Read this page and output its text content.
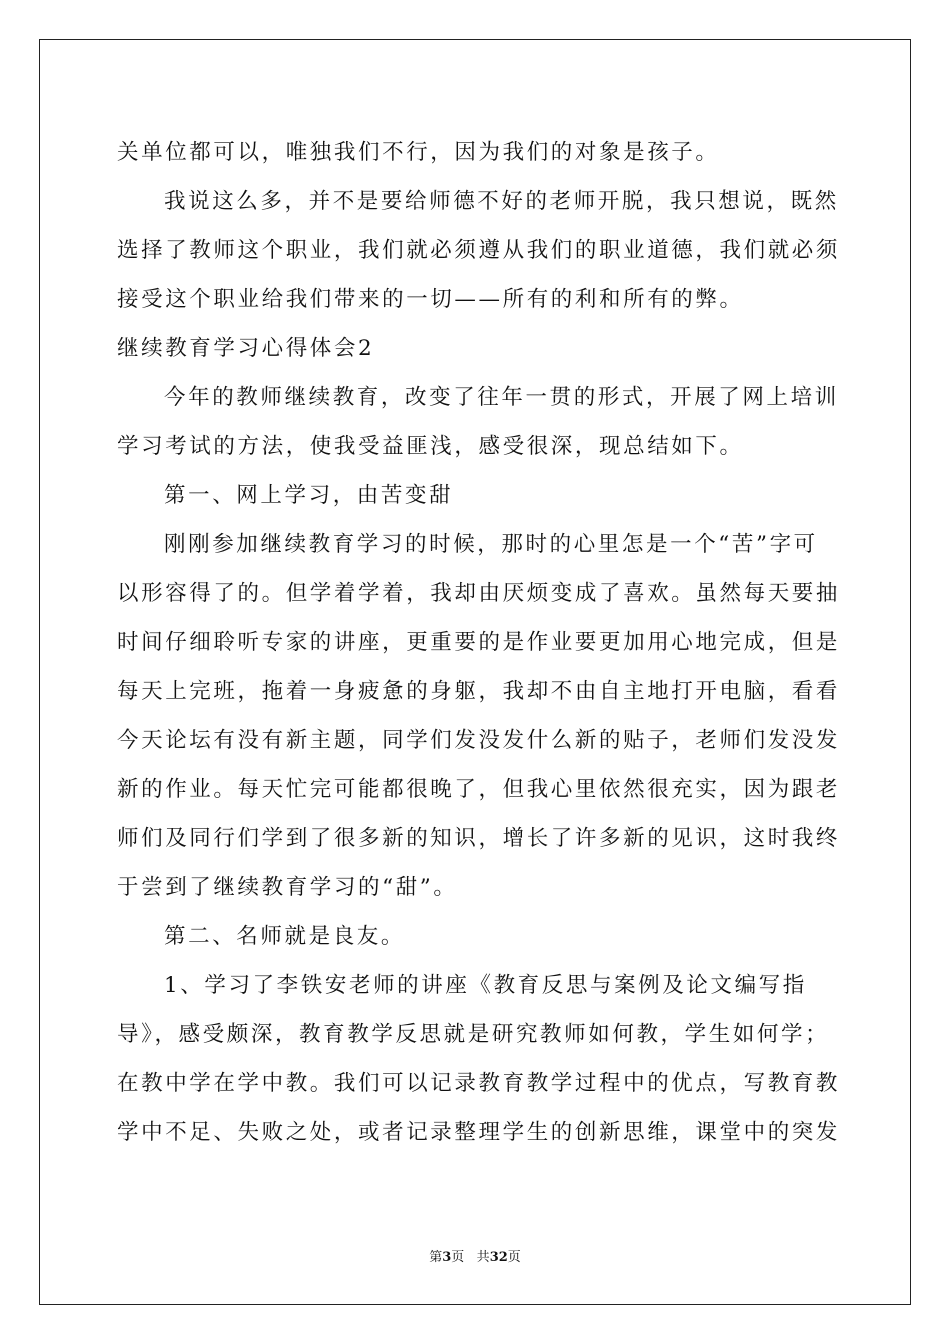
关单位都可以，唯独我们不行，因为我们的对象是孩子。
我说这么多，并不是要给师德不好的老师开脱，我只想说，既然
选择了教师这个职业，我们就必须遵从我们的职业道德，我们就必须
接受这个职业给我们带来的一切——所有的利和所有的弊。
继续教育学习心得体会2
今年的教师继续教育，改变了往年一贯的形式，开展了网上培训
学习考试的方法，使我受益匪浅，感受很深，现总结如下。
第一、网上学习，由苦变甜
刚刚参加继续教育学习的时候，那时的心里怎是一个“苦”字可
以形容得了的。但学着学着，我却由厌烦变成了喜欢。虽然每天要抽
时间仔细聆听专家的讲座，更重要的是作业要更加用心地完成，但是
每天上完班，拖着一身疲惫的身躯，我却不由自主地打开电脑，看看
今天论坛有没有新主题，同学们发没发什么新的贴子，老师们发没发
新的作业。每天忙完可能都很晚了，但我心里依然很充实，因为跟老
师们及同行们学到了很多新的知识，增长了许多新的见识，这时我终
于尝到了继续教育学习的“甜”。
第二、名师就是良友。
1、学习了李铁安老师的讲座《教育反思与案例及论文编写指
导》，感受颇深，教育教学反思就是研究教师如何教，学生如何学；
在教中学在学中教。我们可以记录教育教学过程中的优点，写教育教
学中不足、失败之处，或者记录整理学生的创新思维，课堂中的突发
第3页 共32页
